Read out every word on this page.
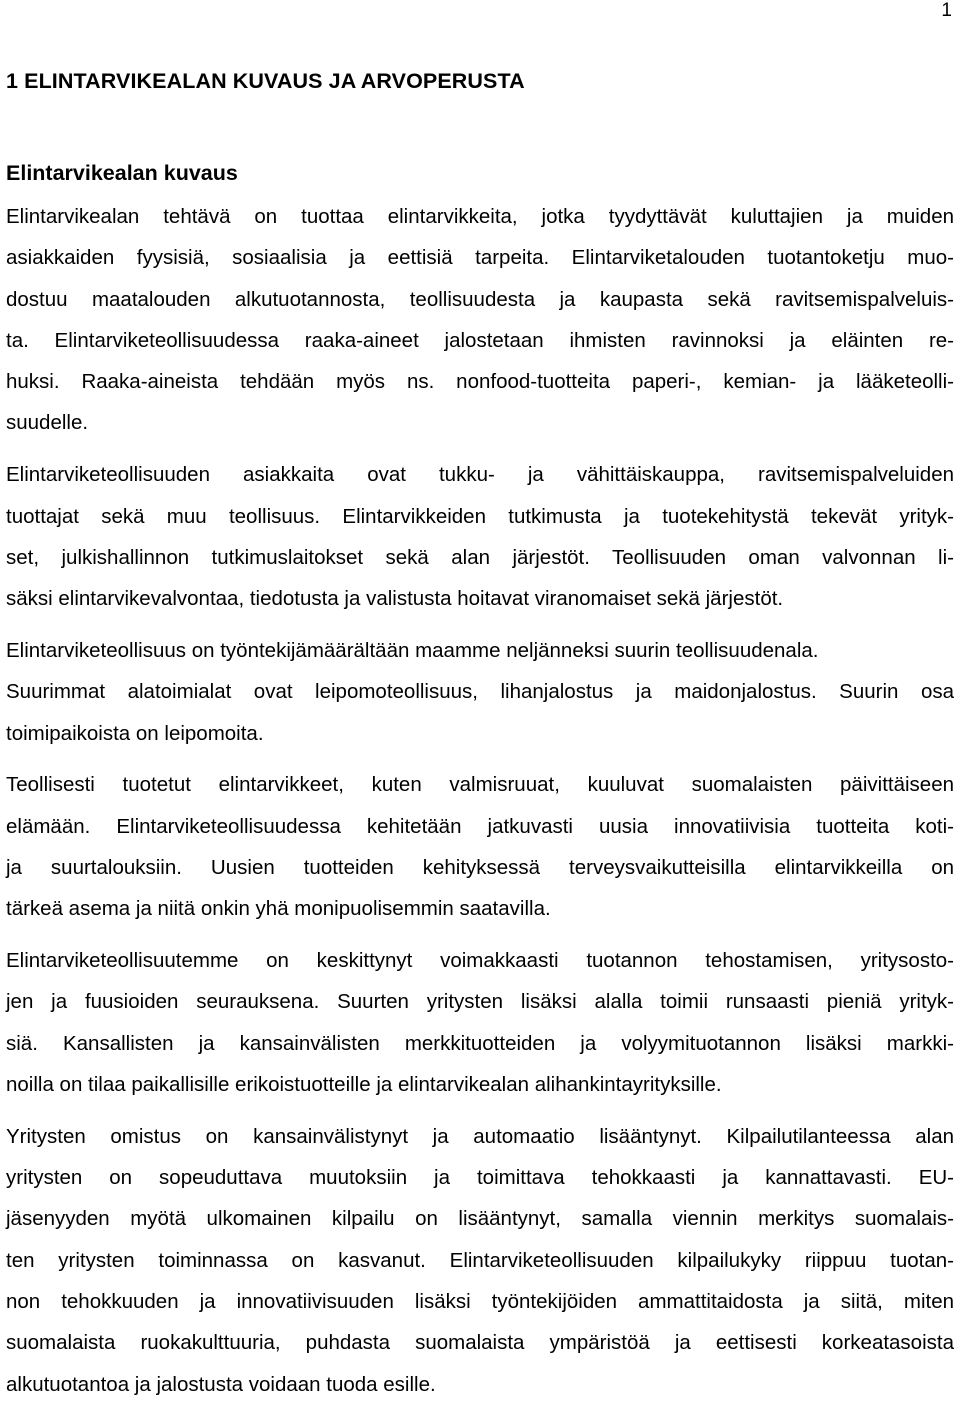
1
1 ELINTARVIKEALAN KUVAUS JA ARVOPERUSTA
Elintarvikealan kuvaus

Elintarvikealan tehtävä on tuottaa elintarvikkeita, jotka tyydyttävät kuluttajien ja muiden
asiakkaiden fyysisiä, sosiaalisia ja eettisiä tarpeita. Elintarviketalouden tuotantoketju muo-
dostuu maatalouden alkutuotannosta, teollisuudesta ja kaupasta sekä ravitsemispalveluis-
ta. Elintarviketeollisuudessa raaka-aineet jalostetaan ihmisten ravinnoksi ja eläinten re-
huksi. Raaka-aineista tehdään myös ns. nonfood-tuotteita paperi-, kemian- ja lääketeolli-
suudelle.

Elintarviketeollisuuden asiakkaita ovat tukku- ja vähittäiskauppa, ravitsemispalveluiden
tuottajat sekä muu teollisuus. Elintarvikkeiden tutkimusta ja tuotekehitystä tekevät yrityk-
set, julkishallinnon tutkimuslaitokset sekä alan järjestöt. Teollisuuden oman valvonnan li-
säksi elintarvikevalvontaa, tiedotusta ja valistusta hoitavat viranomaiset sekä järjestöt.

Elintarviketeollisuus on työntekijämäärältään maamme neljänneksi suurin teollisuudenala.
Suurimmat alatoimialat ovat leipomoteollisuus, lihanjalostus ja maidonjalostus. Suurin osa
toimipaikoista on leipomoita.

Teollisesti tuotetut elintarvikkeet, kuten valmisruuat, kuuluvat suomalaisten päivittäiseen
elämään. Elintarviketeollisuudessa kehitetään jatkuvasti uusia innovatiivisia tuotteita koti-
ja suurtalouksiin. Uusien tuotteiden kehityksessä terveysvaikutteisilla elintarvikkeilla on
tärkeä asema ja niitä onkin yhä monipuolisemmin saatavilla.

Elintarviketeollisuutemme on keskittynyt voimakkaasti tuotannon tehostamisen, yritysosto-
jen ja fuusioiden seurauksena. Suurten yritysten lisäksi alalla toimii runsaasti pieniä yrityk-
siä. Kansallisten ja kansainvälisten merkkituotteiden ja volyymituotannon lisäksi markki-
noilla on tilaa paikallisille erikoistuotteille ja elintarvikealan alihankintayrityksille.

Yritysten omistus on kansainvälistynyt ja automaatio lisääntynyt. Kilpailutilanteessa alan
yritysten on sopeuduttava muutoksiin ja toimittava tehokkaasti ja kannattavasti. EU-
jäsenyyden myötä ulkomainen kilpailu on lisääntynyt, samalla viennin merkitys suomalais-
ten yritysten toiminnassa on kasvanut. Elintarviketeollisuuden kilpailukyky riippuu tuotan-
non tehokkuuden ja innovatiivisuuden lisäksi työntekijöiden ammattitaidosta ja siitä, miten
suomalaista ruokakulttuuria, puhdasta suomalaista ympäristöä ja eettisesti korkeatasoista
alkutuotantoa ja jalostusta voidaan tuoda esille.
